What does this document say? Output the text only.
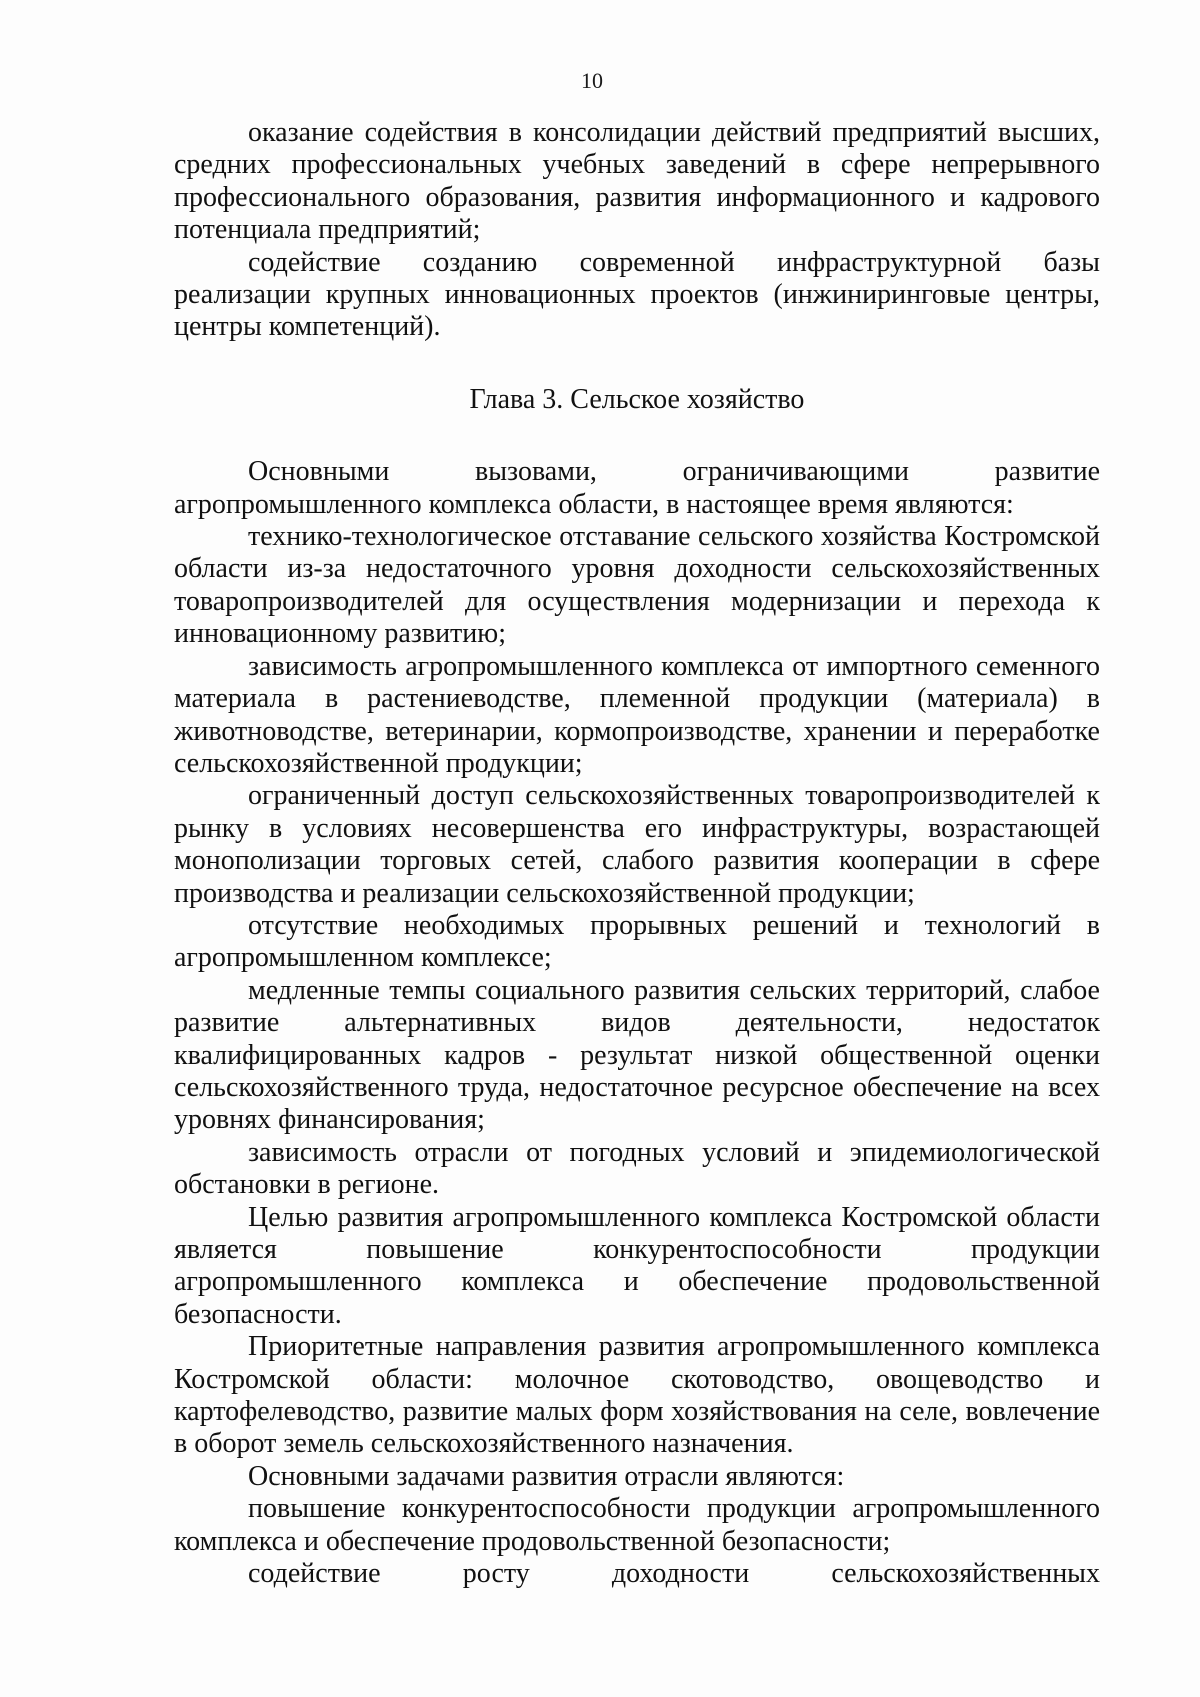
10

оказание содействия в консолидации действий предприятий высших, средних профессиональных учебных заведений в сфере непрерывного профессионального образования, развития информационного и кадрового потенциала предприятий;

содействие созданию современной инфраструктурной базы реализации крупных инновационных проектов (инжиниринговые центры, центры компетенций).

Глава 3. Сельское хозяйство

Основными вызовами, ограничивающими развитие агропромышленного комплекса области, в настоящее время являются:

технико-технологическое отставание сельского хозяйства Костромской области из-за недостаточного уровня доходности сельскохозяйственных товаропроизводителей для осуществления модернизации и перехода к инновационному развитию;

зависимость агропромышленного комплекса от импортного семенного материала в растениеводстве, племенной продукции (материала) в животноводстве, ветеринарии, кормопроизводстве, хранении и переработке сельскохозяйственной продукции;

ограниченный доступ сельскохозяйственных товаропроизводителей к рынку в условиях несовершенства его инфраструктуры, возрастающей монополизации торговых сетей, слабого развития кооперации в сфере производства и реализации сельскохозяйственной продукции;

отсутствие необходимых прорывных решений и технологий в агропромышленном комплексе;

медленные темпы социального развития сельских территорий, слабое развитие альтернативных видов деятельности, недостаток квалифицированных кадров - результат низкой общественной оценки сельскохозяйственного труда, недостаточное ресурсное обеспечение на всех уровнях финансирования;

зависимость отрасли от погодных условий и эпидемиологической обстановки в регионе.

Целью развития агропромышленного комплекса Костромской области является повышение конкурентоспособности продукции агропромышленного комплекса и обеспечение продовольственной безопасности.

Приоритетные направления развития агропромышленного комплекса Костромской области: молочное скотоводство, овощеводство и картофелеводство, развитие малых форм хозяйствования на селе, вовлечение в оборот земель сельскохозяйственного назначения.

Основными задачами развития отрасли являются:

повышение конкурентоспособности продукции агропромышленного комплекса и обеспечение продовольственной безопасности;

содействие росту доходности сельскохозяйственных
